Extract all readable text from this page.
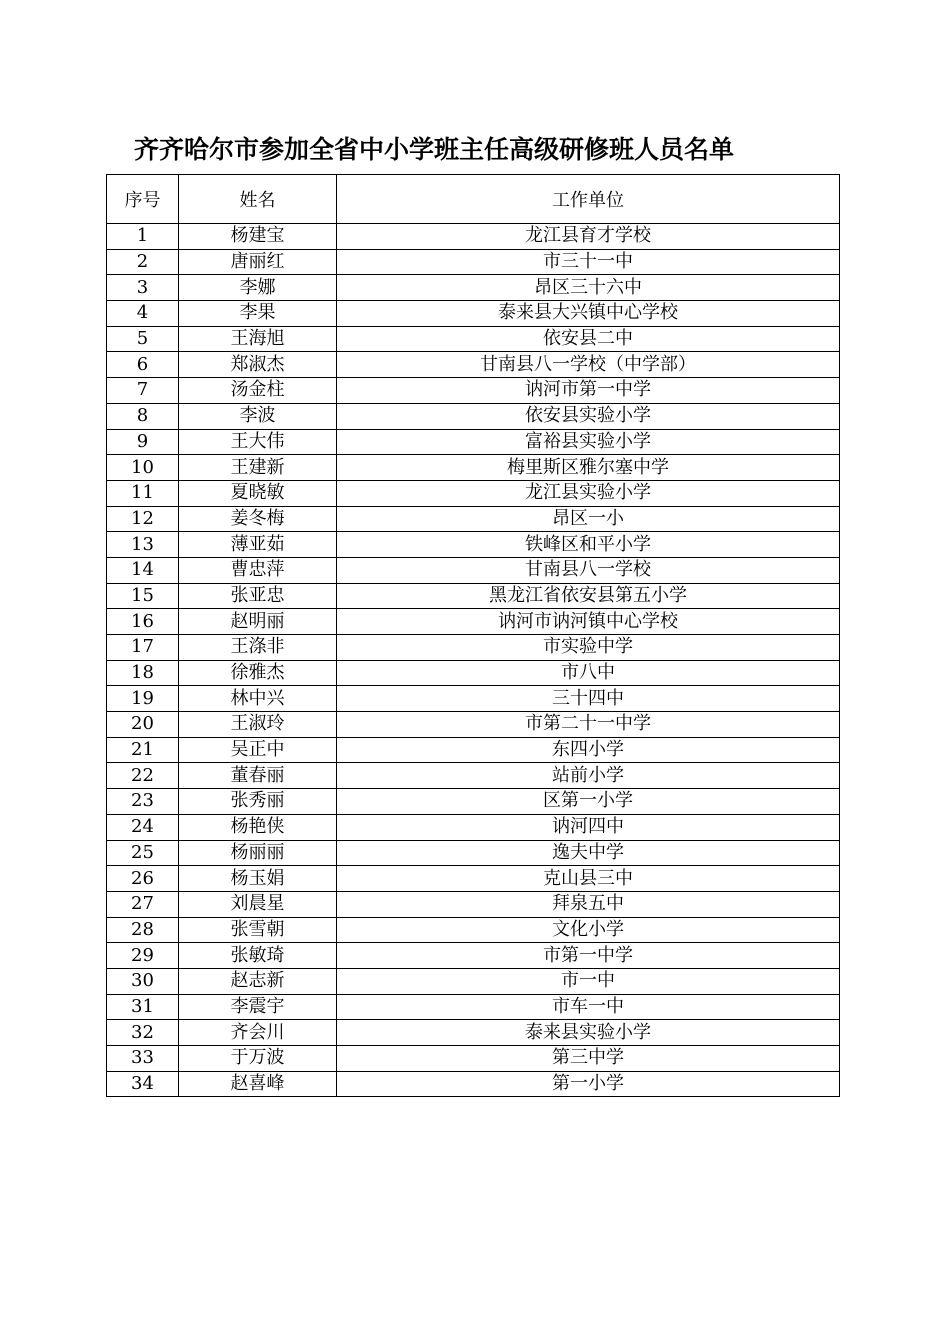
齐齐哈尔市参加全省中小学班主任高级研修班人员名单
序号	姓名	工作单位
1	杨建宝	龙江县育才学校
2	唐丽红	市三十一中
3	李娜	昂区三十六中
4	李果	泰来县大兴镇中心学校
5	王海旭	依安县二中
6	郑淑杰	甘南县八一学校（中学部）
7	汤金柱	讷河市第一中学
8	李波	依安县实验小学
9	王大伟	富裕县实验小学
10	王建新	梅里斯区雅尔塞中学
11	夏晓敏	龙江县实验小学
12	姜冬梅	昂区一小
13	薄亚茹	铁峰区和平小学
14	曹忠萍	甘南县八一学校
15	张亚忠	黑龙江省依安县第五小学
16	赵明丽	讷河市讷河镇中心学校
17	王涤非	市实验中学
18	徐雅杰	市八中
19	林中兴	三十四中
20	王淑玲	市第二十一中学
21	吴正中	东四小学
22	董春丽	站前小学
23	张秀丽	区第一小学
24	杨艳侠	讷河四中
25	杨丽丽	逸夫中学
26	杨玉娟	克山县三中
27	刘晨星	拜泉五中
28	张雪朝	文化小学
29	张敏琦	市第一中学
30	赵志新	市一中
31	李震宇	市车一中
32	齐会川	泰来县实验小学
33	于万波	第三中学
34	赵喜峰	第一小学
